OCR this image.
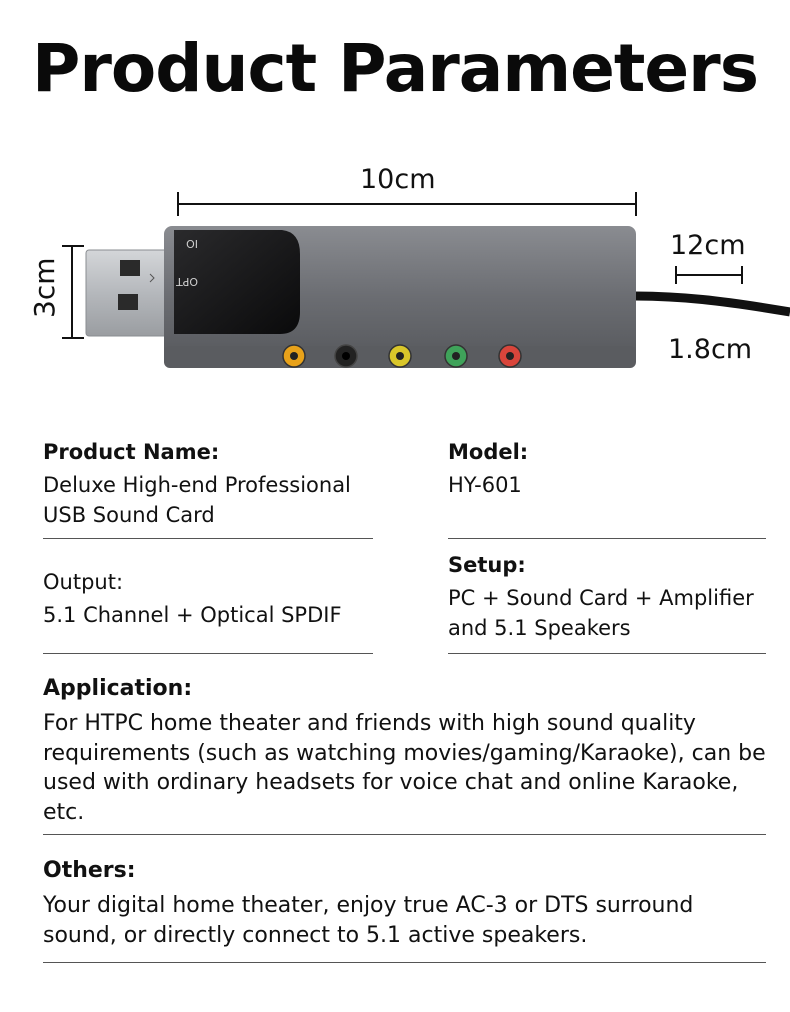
Product Parameters
IO
OPT
10cm
3cm
12cm
1.8cm
Product Name:
Deluxe High-end Professional USB Sound Card
Model:
HY-601
Output:
5.1 Channel + Optical SPDIF
Setup:
PC + Sound Card + Amplifier and 5.1 Speakers
Application:
For HTPC home theater and friends with high sound quality requirements (such as watching movies/gaming/Karaoke), can be used with ordinary headsets for voice chat and online Karaoke, etc.
Others:
Your digital home theater, enjoy true AC-3 or DTS surround sound, or directly connect to 5.1 active speakers.
